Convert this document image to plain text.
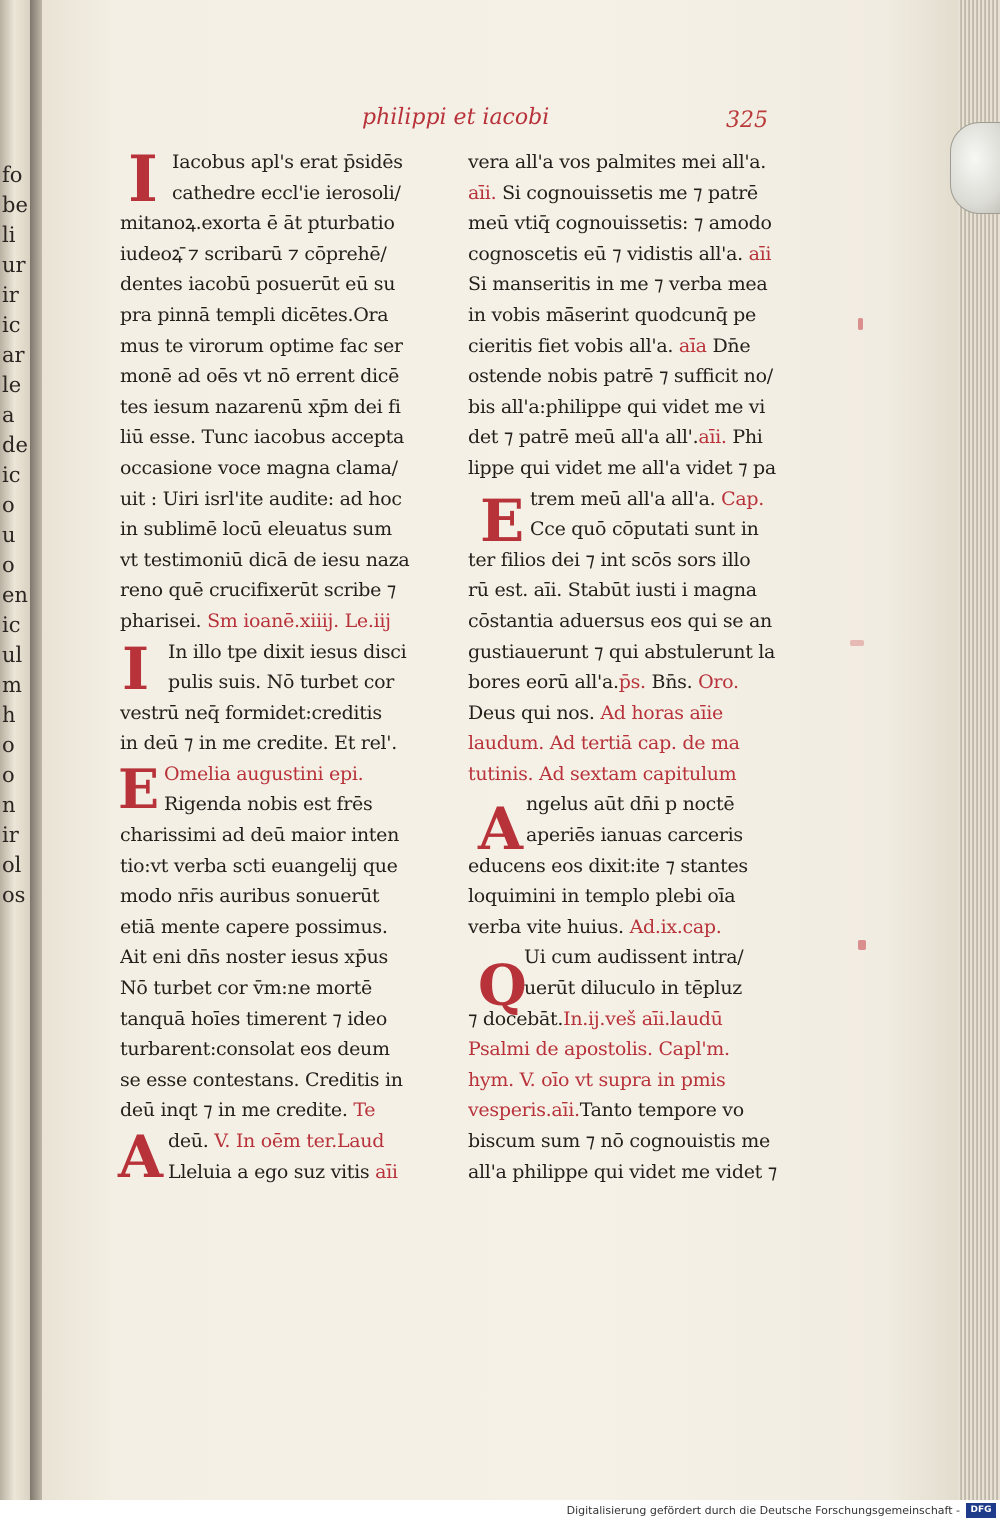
fo be li ur ir ic ar le a de ic o u o en ic ul m ho o n ir ol os
philippi et iacobi	325
I
I
E
A
E
A
Q
Iacobus apl's erat p̄sidēs
cathedre eccl'ie ierosoli/
mitanoꝝ.exorta ē āt pturbatio
iudeoꝝ̄ ⁊ scribarū ⁊ cōprehē/
dentes iacobū posuerūt eū su
pra pinnā templi dicētes.Ora
mus te virorum optime fac ser
monē ad oēs vt nō errent dicē
tes iesum nazarenū xp̄m dei fi
liū esse. Tunc iacobus accepta
occasione voce magna clama/
uit : Uiri isrl'ite audite: ad hoc
in sublimē locū eleuatus sum
vt testimoniū dicā de iesu naza
reno quē crucifixerūt scribe ⁊
pharisei. Sm ioanē.xiiij. Le.iij
In illo tpe dixit iesus disci
pulis suis. Nō turbet cor
vestrū neq̄ formidet:creditis
in deū ⁊ in me credite. Et rel'.
Omelia augustini epi.
Rigenda nobis est frēs
charissimi ad deū maior inten
tio:vt verba scti euangelij que
modo nr̄is auribus sonuerūt
etiā mente capere possimus.
Ait eni dn̄s noster iesus xp̄us
Nō turbet cor v̄m:ne mortē
tanquā hoīes timerent ⁊ ideo
turbarent:consolat eos deum
se esse contestans. Creditis in
deū inqt ⁊ in me credite. Te
deū. V. In oēm ter.Laud
Lleluia a ego suz vitis aīi
vera all'a vos palmites mei all'a.
aīi. Si cognouissetis me ⁊ patrē
meū vtiq̄ cognouissetis: ⁊ amodo
cognoscetis eū ⁊ vidistis all'a. aīi
Si manseritis in me ⁊ verba mea
in vobis mā̄serint quodcunq̄ pe
cieritis fiet vobis all'a. aīa Dn̄e
ostende nobis patrē ⁊ sufficit no/
bis all'a:philippe qui videt me vi
det ⁊ patrē meū all'a all'.aīi. Phi
lippe qui videt me all'a videt ⁊ pa
trem meū all'a all'a. Cap.
Cce quō cōputati sunt in
ter filios dei ⁊ int scōs sors illo
rū est. aīi. Stabūt iusti i magna
cōstantia aduersus eos qui se an
gustiauerunt ⁊ qui abstulerunt la
bores eorū all'a.p̄s. Bn̄s. Oro.
Deus qui nos. Ad horas aīie
laudum. Ad tertiā cap. de ma
tutinis. Ad sextam capitulum
ngelus aūt dn̄i p noctē
aperiēs ianuas carceris
educens eos dixit:ite ⁊ stantes
loquimini in templo plebi oīa
verba vite huius. Ad.ix.cap.
Ui cum audissent intra/
uerūt diluculo in tēpluz
⁊ docebāt.In.ij.veš aīi.laudū
Psalmi de apostolis. Capl'm.
hym. V. oīo vt supra in pmis
vesperis.aīi.Tanto tempore vo
biscum sum ⁊ nō cognouistis me
all'a philippe qui videt me videt ⁊
Digitalisierung gefördert durch die Deutsche Forschungsgemeinschaft -	DFG
